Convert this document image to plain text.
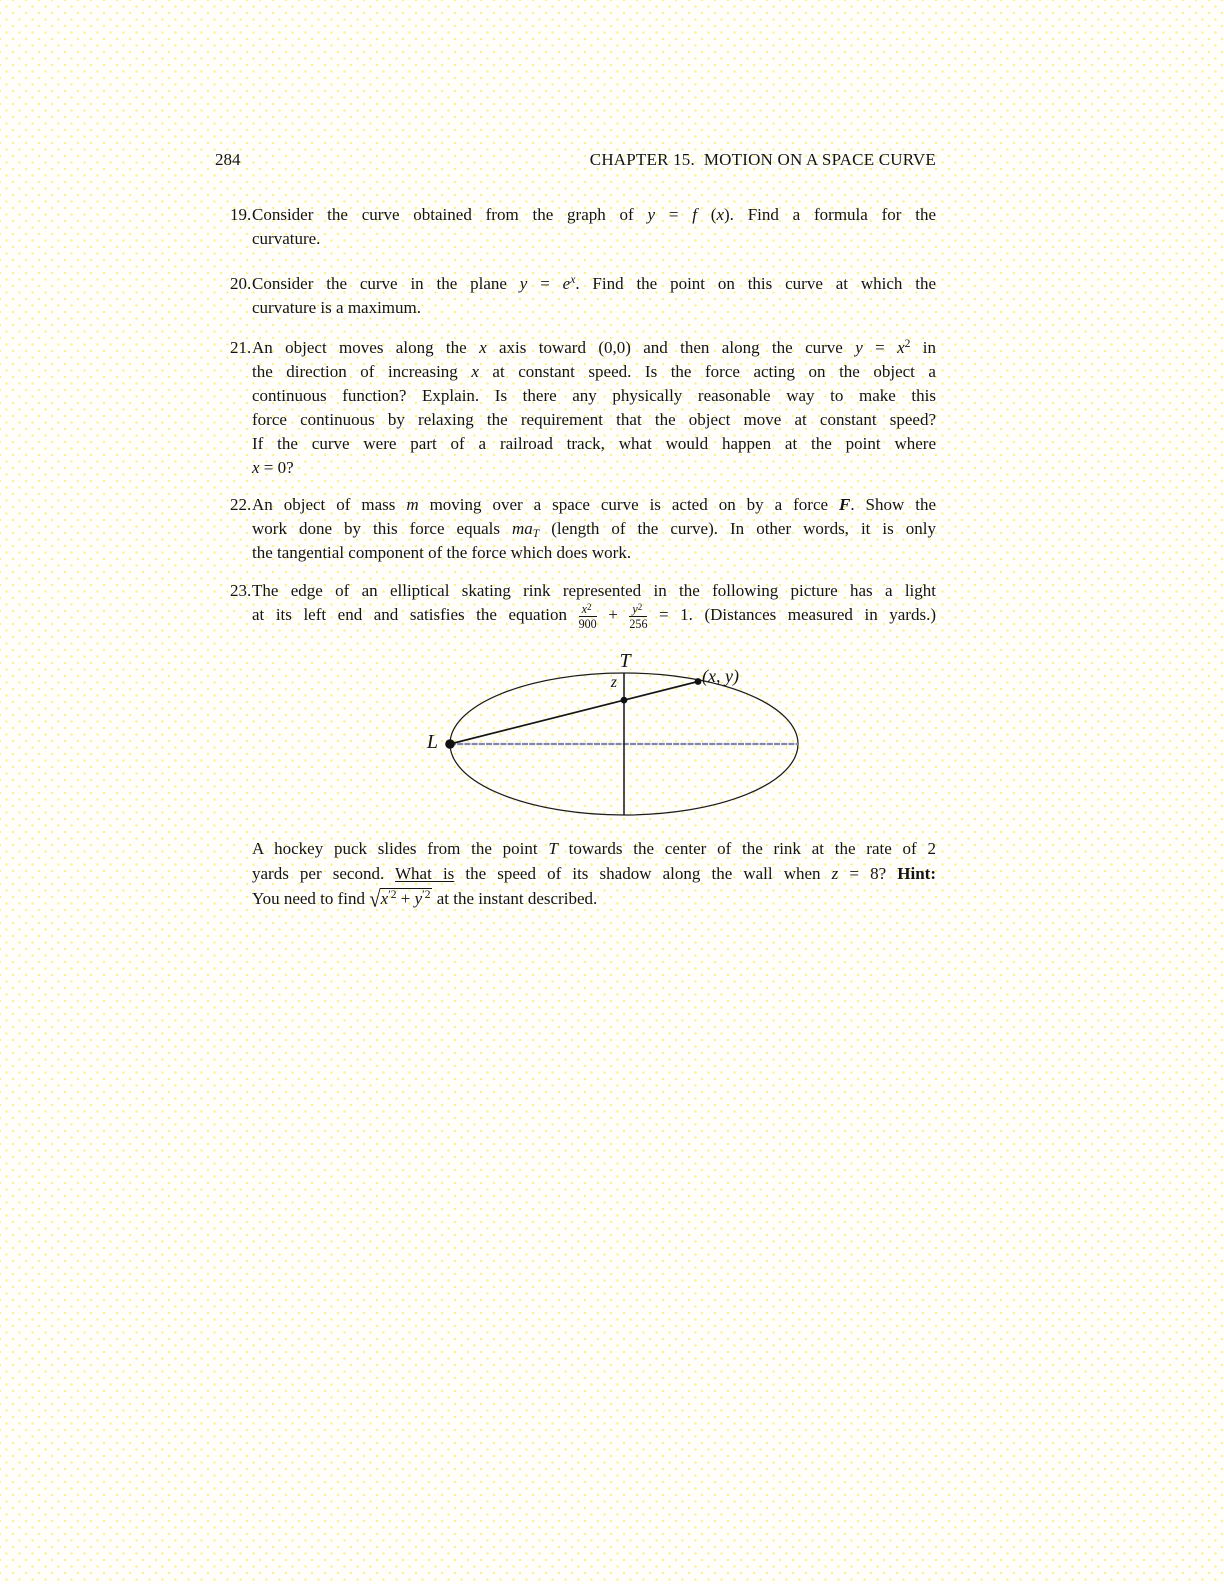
284	CHAPTER 15.  MOTION ON A SPACE CURVE
19. Consider the curve obtained from the graph of y = f (x). Find a formula for the
curvature.
20. Consider the curve in the plane $y = e^x$. Find the point on this curve at which the
curvature is a maximum.
21. An object moves along the x axis toward (0,0) and then along the curve $y = x^2$ in
the direction of increasing x at constant speed. Is the force acting on the object a
continuous function? Explain. Is there any physically reasonable way to make this
force continuous by relaxing the requirement that the object move at constant speed?
If the curve were part of a railroad track, what would happen at the point where
x = 0?
22. An object of mass m moving over a space curve is acted on by a force F. Show the
work done by this force equals maT (length of the curve). In other words, it is only
the tangential component of the force which does work.
23. The edge of an elliptical skating rink represented in the following picture has a light
at its left end and satisfies the equation $\frac{x^2}{900} + \frac{y^2}{256} = 1$. (Distances measured in yards.)
T
z	(x, y)
L
A hockey puck slides from the point T towards the center of the rink at the rate of 2
yards per second. What is the speed of its shadow along the wall when z = 8? Hint:
You need to find $√x^{'2} + y^{'2}$ at the instant described.
